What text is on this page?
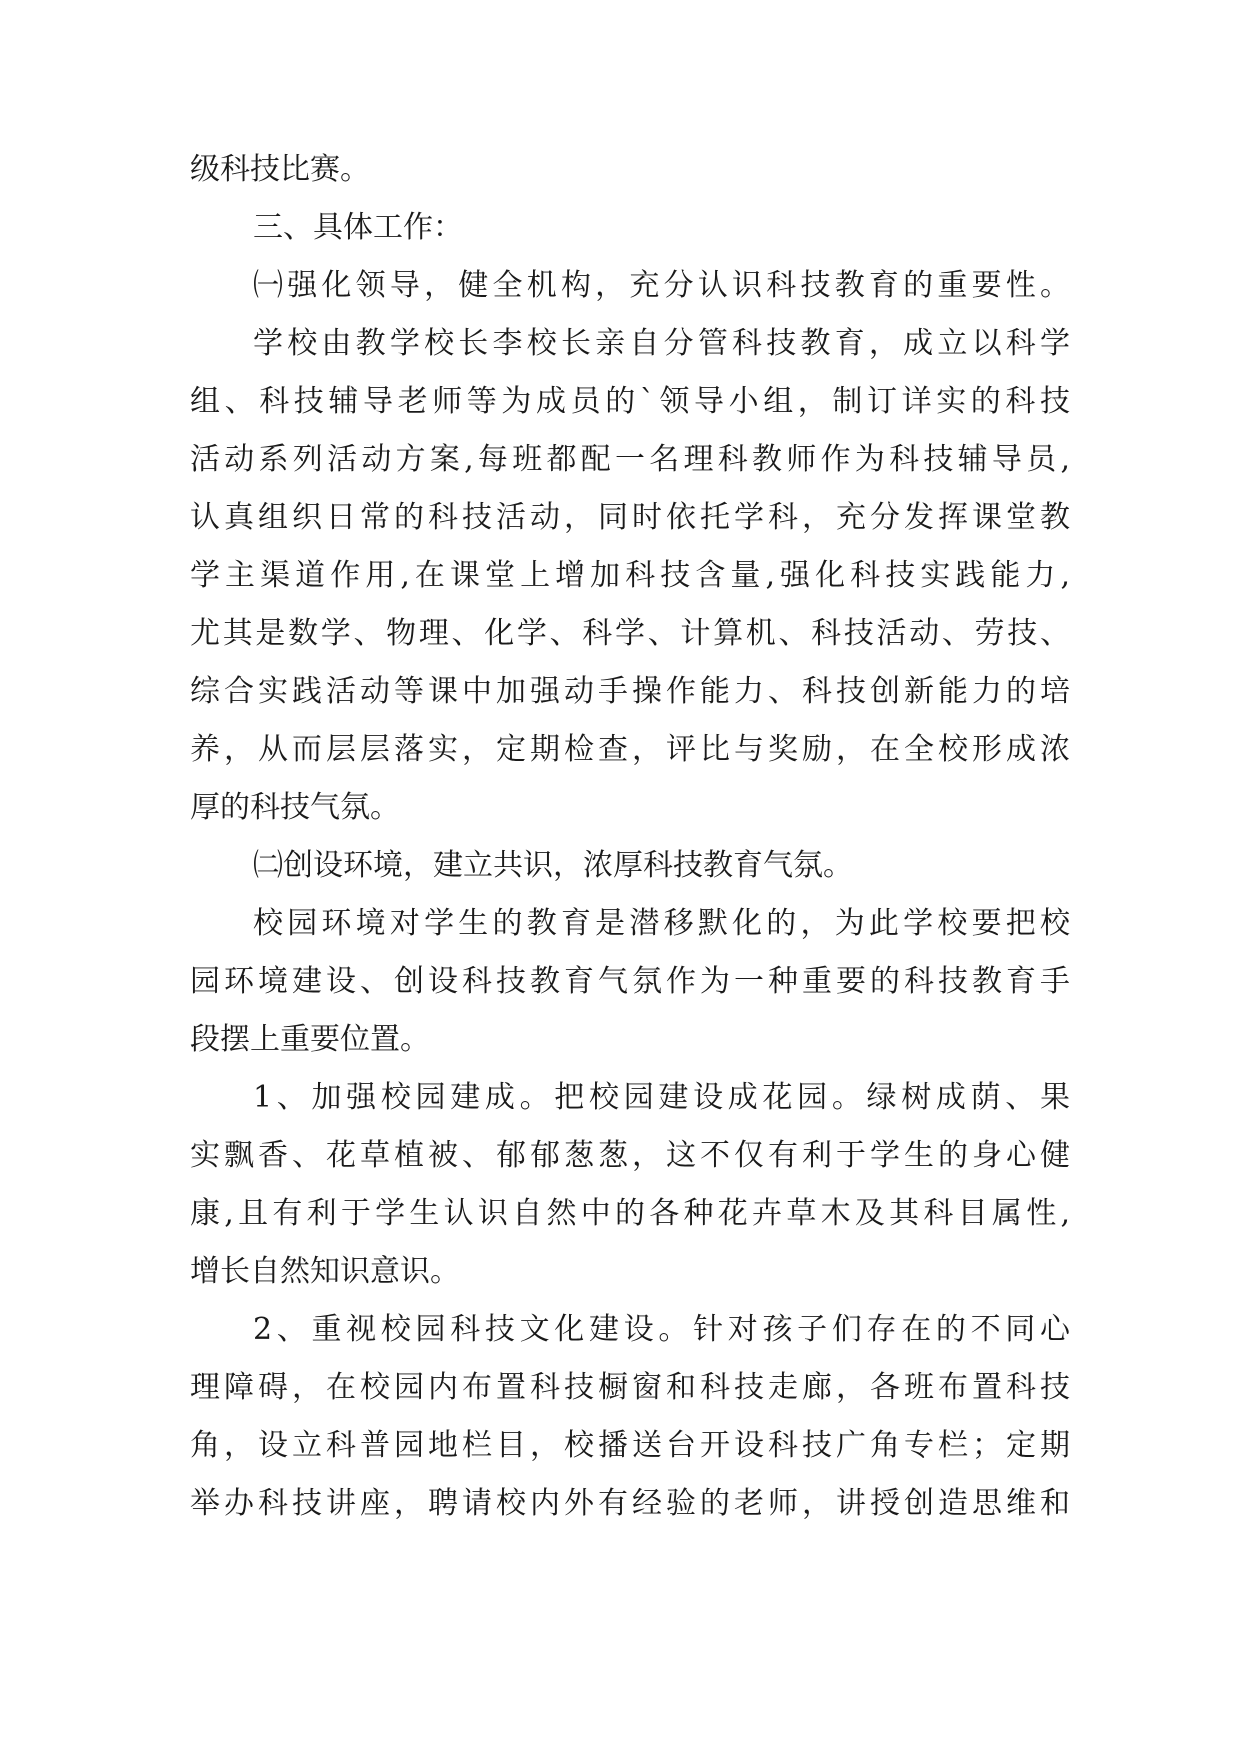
级科技比赛。
三、具体工作：
㈠强化领导，健全机构，充分认识科技教育的重要性。
学校由教学校长李校长亲自分管科技教育，成立以科学
组、科技辅导老师等为成员的`领导小组，制订详实的科技
活动系列活动方案,每班都配一名理科教师作为科技辅导员,
认真组织日常的科技活动，同时依托学科，充分发挥课堂教
学主渠道作用,在课堂上增加科技含量,强化科技实践能力,
尤其是数学、物理、化学、科学、计算机、科技活动、劳技、
综合实践活动等课中加强动手操作能力、科技创新能力的培
养，从而层层落实，定期检查，评比与奖励，在全校形成浓
厚的科技气氛。
㈡创设环境，建立共识，浓厚科技教育气氛。
校园环境对学生的教育是潜移默化的，为此学校要把校
园环境建设、创设科技教育气氛作为一种重要的科技教育手
段摆上重要位置。
1、加强校园建成。把校园建设成花园。绿树成荫、果
实飘香、花草植被、郁郁葱葱，这不仅有利于学生的身心健
康,且有利于学生认识自然中的各种花卉草木及其科目属性,
增长自然知识意识。
2、重视校园科技文化建设。针对孩子们存在的不同心
理障碍，在校园内布置科技橱窗和科技走廊，各班布置科技
角，设立科普园地栏目，校播送台开设科技广角专栏；定期
举办科技讲座，聘请校内外有经验的老师，讲授创造思维和
